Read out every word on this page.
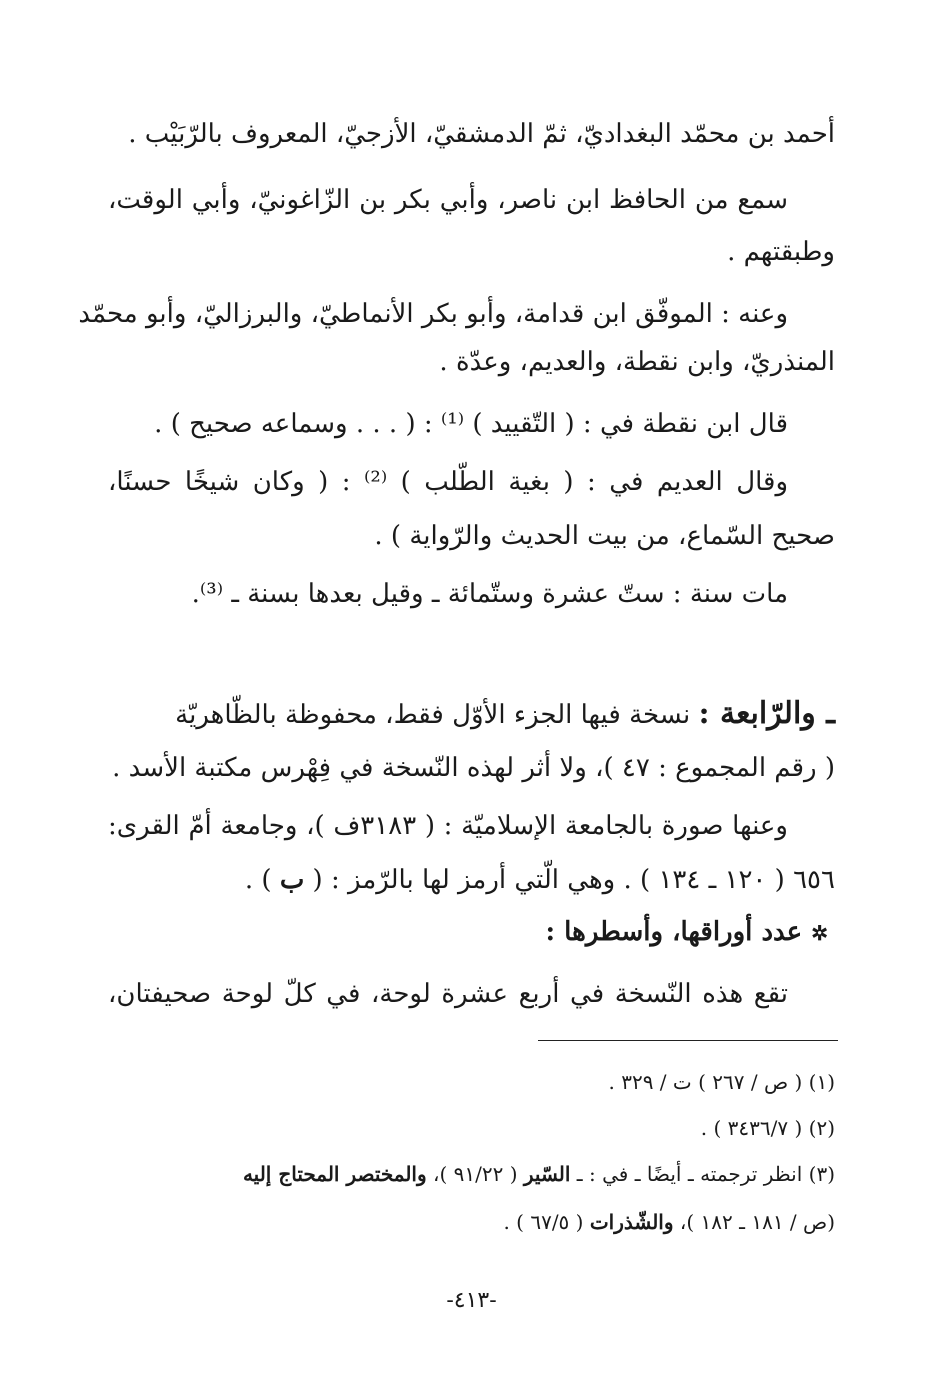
أحمد بن محمّد البغداديّ، ثمّ الدمشقيّ، الأزجيّ، المعروف بالرّبَيْب .
سمع من الحافظ ابن ناصر، وأبي بكر بن الزّاغونيّ، وأبي الوقت،
وطبقتهم .
وعنه : الموفّق ابن قدامة، وأبو بكر الأنماطيّ، والبرزاليّ، وأبو محمّد
المنذريّ، وابن نقطة، والعديم، وعدّة .
قال ابن نقطة في : ( التّقييد ) ⁽¹⁾ : ( . . . وسماعه صحيح ) .
وقال العديم في : ( بغية الطّلب ) ⁽²⁾ : ( وكان شيخًا حسنًا،
صحيح السّماع، من بيت الحديث والرّواية ) .
مات سنة : ستّ عشرة وستّمائة ـ وقيل بعدها بسنة ـ ⁽³⁾.
ـ والرّابعة : نسخة فيها الجزء الأوّل فقط، محفوظة بالظّاهريّة
( رقم المجموع : ٤٧ )، ولا أثر لهذه النّسخة في فِهْرس مكتبة الأسد .
وعنها صورة بالجامعة الإسلاميّة : ( ٣١٨٣ف )، وجامعة أمّ القرى:
٦٥٦ ( ١٢٠ ـ ١٣٤ ) . وهي الّتي أرمز لها بالرّمز : ( ب ) .
✲ عدد أوراقها، وأسطرها :
تقع هذه النّسخة في أربع عشرة لوحة، في كلّ لوحة صحيفتان،
(١) ( ص / ٢٦٧ ) ت / ٣٢٩ .
(٢) ( ٣٤٣٦/٧ ) .
(٣) انظر ترجمته ـ أيضًا ـ في : ـ السّير ( ٩١/٢٢ )، والمختصر المحتاج إليه
(ص / ١٨١ ـ ١٨٢ )، والشّذرات ( ٦٧/٥ ) .
-٤١٣-
